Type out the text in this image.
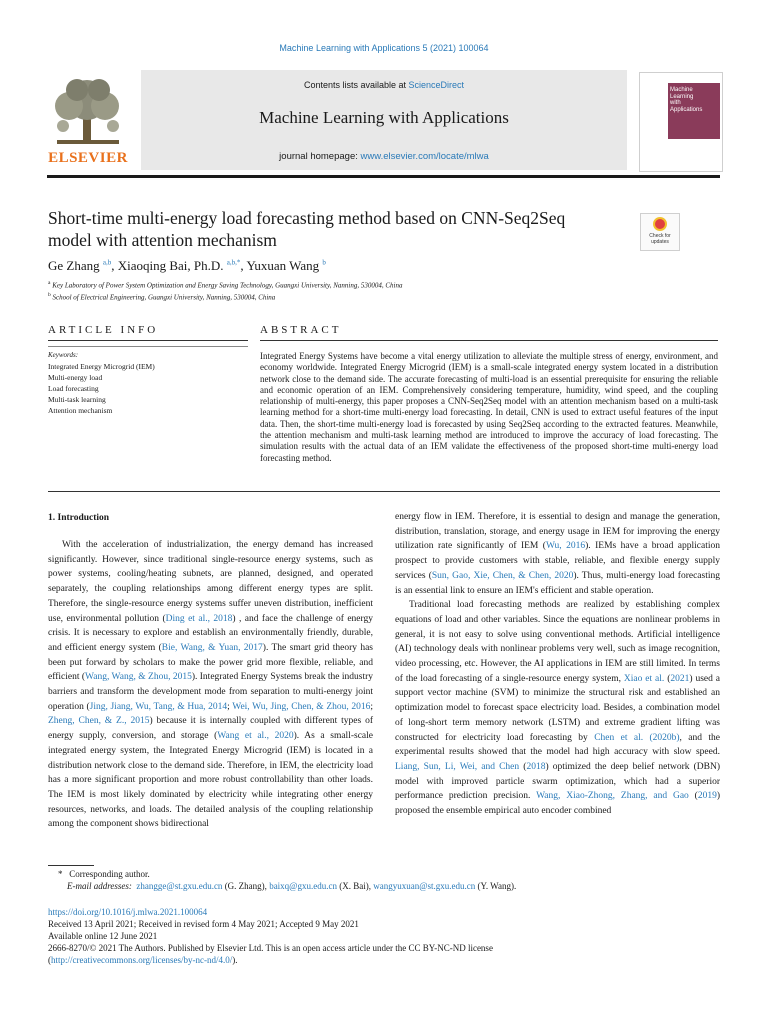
Machine Learning with Applications 5 (2021) 100064
ELSEVIER
Contents lists available at ScienceDirect
Machine Learning with Applications
journal homepage: www.elsevier.com/locate/mlwa
Machine
Learning
with
Applications
Short-time multi-energy load forecasting method based on CNN-Seq2Seq
model with attention mechanism	Check for
updates
Ge Zhang $^{a,b}$, Xiaoqing Bai, Ph.D. $^{a,b,*}$, Yuxuan Wang $^b$
$^a$ Key Laboratory of Power System Optimization and Energy Saving Technology, Guangxi University, Nanning, 530004, China
$^b$ School of Electrical Engineering, Guangxi University, Nanning, 530004, China
ARTICLE INFO
Keywords:
Integrated Energy Microgrid (IEM)
Multi-energy load
Load forecasting
Multi-task learning
Attention mechanism
ABSTRACT
Integrated Energy Systems have become a vital energy utilization to alleviate the multiple stress of energy, environment, and economy worldwide. Integrated Energy Microgrid (IEM) is a small-scale integrated energy system located in a distribution network close to the demand side. The accurate forecasting of multi-load is an essential prerequisite for ensuring the reliable and economic operation of an IEM. Comprehensively considering temperature, humidity, wind speed, and the coupling relationship of multi-energy, this paper proposes a CNN-Seq2Seq model with an attention mechanism based on a multi-task learning method for a short-time multi-energy load forecasting. In detail, CNN is used to extract useful features of the input data. Then, the short-time multi-energy load is forecasted by using Seq2Seq according to the extracted features. Meanwhile, the attention mechanism and multi-task learning method are introduced to improve the accuracy of load forecasting. The simulation results with the actual data of an IEM validate the effectiveness of the proposed short-time multi-energy load forecasting method.
1. Introduction

With the acceleration of industrialization, the energy demand has increased significantly. However, since traditional single-resource energy systems, such as power systems, cooling/heating subnets, are planned, designed, and operated separately, the coupling relationships among different energy types are split. Therefore, the single-resource energy systems suffer uneven distribution, inefficient use, environmental pollution (Ding et al., 2018) , and face the challenge of energy crisis. It is necessary to explore and establish an environmentally friendly, durable, and efficient energy system (Bie, Wang, & Yuan, 2017). The smart grid theory has been put forward by scholars to make the power grid more flexible, reliable, and efficient (Wang, Wang, & Zhou, 2015). Integrated Energy Systems break the industry barriers and transform the development mode from separation to multi-energy joint operation (Jing, Jiang, Wu, Tang, & Hua, 2014; Wei, Wu, Jing, Chen, & Zhou, 2016; Zheng, Chen, & Z., 2015) because it is internally coupled with different types of energy supply, conversion, and storage (Wang et al., 2020). As a small-scale integrated energy system, the Integrated Energy Microgrid (IEM) is located in a distribution network close to the demand side. Therefore, in IEM, the electricity load has a more significant proportion and more robust controllability than other loads. The IEM is most likely dominated by electricity while integrating other energy resources, networks, and loads. The detailed analysis of the coupling relationship among the component shows bidirectional

energy flow in IEM. Therefore, it is essential to design and manage the generation, distribution, translation, storage, and energy usage in IEM for improving the energy utilization rate significantly of IEM (Wu, 2016). IEMs have a broad application prospect to provide customers with stable, reliable, and flexible energy supply services (Sun, Gao, Xie, Chen, & Chen, 2020). Thus, multi-energy load forecasting is an essential link to ensure an IEM's efficient and stable operation.

Traditional load forecasting methods are realized by establishing complex equations of load and other variables. Since the equations are nonlinear problems in general, it is not easy to solve using conventional methods. Artificial intelligence (AI) technology deals with nonlinear problems very well, such as image recognition, video processing, etc. However, the AI applications in IEM are still limited. In terms of the load forecasting of a single-resource energy system, Xiao et al. (2021) used a support vector machine (SVM) to minimize the structural risk and established an optimization model to forecast space electricity load. Besides, a combination model of long-short term memory network (LSTM) and extreme gradient lifting was constructed for electricity load forecasting by Chen et al. (2020b), and the experimental results showed that the model had high accuracy with slow speed. Liang, Sun, Li, Wei, and Chen (2018) optimized the deep belief network (DBN) model with improved particle swarm optimization, which had a superior performance prediction precision. Wang, Xiao-Zhong, Zhang, and Gao (2019) proposed the ensemble empirical auto encoder combined

* Corresponding author.
E-mail addresses: zhangge@st.gxu.edu.cn (G. Zhang), baixq@gxu.edu.cn (X. Bai), wangyuxuan@st.gxu.edu.cn (Y. Wang).
https://doi.org/10.1016/j.mlwa.2021.100064
Received 13 April 2021; Received in revised form 4 May 2021; Accepted 9 May 2021
Available online 12 June 2021
2666-8270/© 2021 The Authors. Published by Elsevier Ltd. This is an open access article under the CC BY-NC-ND license
(http://creativecommons.org/licenses/by-nc-nd/4.0/).
